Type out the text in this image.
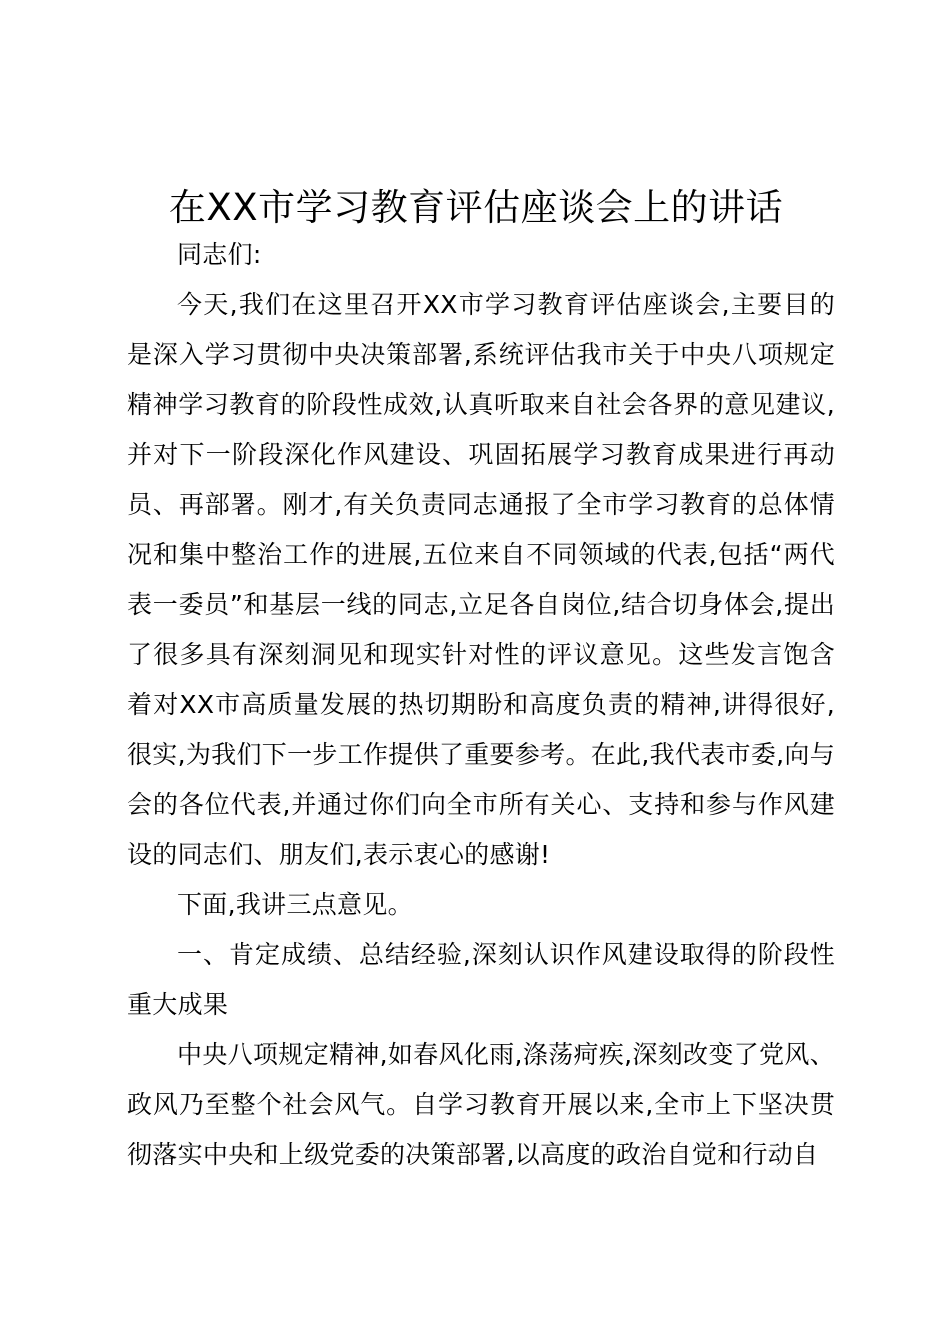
在XX市学习教育评估座谈会上的讲话

同志们:

今天,我们在这里召开XX市学习教育评估座谈会,主要目的是深入学习贯彻中央决策部署,系统评估我市关于中央八项规定精神学习教育的阶段性成效,认真听取来自社会各界的意见建议,并对下一阶段深化作风建设、巩固拓展学习教育成果进行再动员、再部署。刚才,有关负责同志通报了全市学习教育的总体情况和集中整治工作的进展,五位来自不同领域的代表,包括“两代表一委员”和基层一线的同志,立足各自岗位,结合切身体会,提出了很多具有深刻洞见和现实针对性的评议意见。这些发言饱含着对XX市高质量发展的热切期盼和高度负责的精神,讲得很好,很实,为我们下一步工作提供了重要参考。在此,我代表市委,向与会的各位代表,并通过你们向全市所有关心、支持和参与作风建设的同志们、朋友们,表示衷心的感谢!

下面,我讲三点意见。

一、肯定成绩、总结经验,深刻认识作风建设取得的阶段性重大成果

中央八项规定精神,如春风化雨,涤荡疴疾,深刻改变了党风、政风乃至整个社会风气。自学习教育开展以来,全市上下坚决贯彻落实中央和上级党委的决策部署,以高度的政治自觉和行动自
